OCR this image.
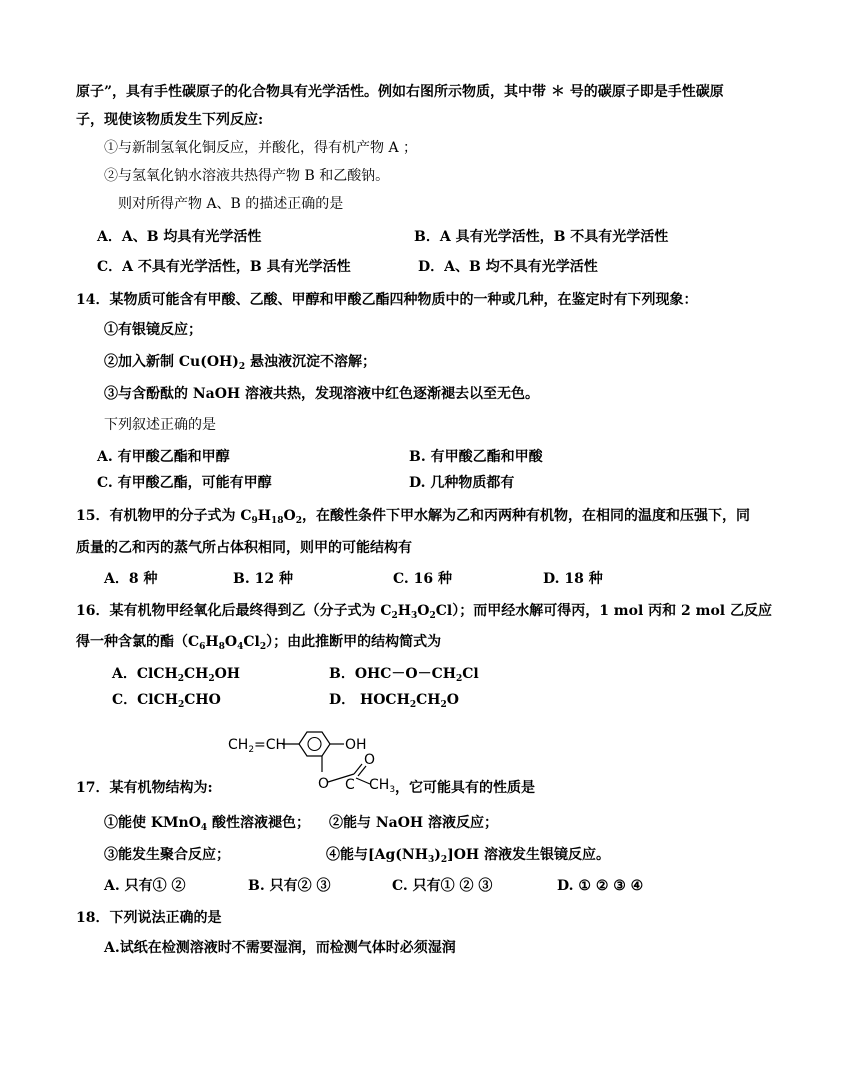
原子”，具有手性碳原子的化合物具有光学活性。例如右图所示物质，其中带 ＊ 号的碳原子即是手性碳原
子，现使该物质发生下列反应:
①与新制氢氧化铜反应，并酸化，得有机产物 A ；
②与氢氧化钠水溶液共热得产物 B 和乙酸钠。
则对所得产物 A、B 的描述正确的是
A．A、B 均具有光学活性	B．A 具有光学活性，B 不具有光学活性
C．A 不具有光学活性，B 具有光学活性	D．A、B 均不具有光学活性
14．某物质可能含有甲酸、乙酸、甲醇和甲酸乙酯四种物质中的一种或几种，在鉴定时有下列现象：
①有银镜反应；
②加入新制 $Cu(OH)_2$ 悬浊液沉淀不溶解；
③与含酚酞的 NaOH 溶液共热，发现溶液中红色逐渐褪去以至无色。
下列叙述正确的是
A. 有甲酸乙酯和甲醇	B. 有甲酸乙酯和甲酸
C. 有甲酸乙酯，可能有甲醇	D. 几种物质都有
15．有机物甲的分子式为 $C_9H_{18}O_2$，在酸性条件下甲水解为乙和丙两种有机物，在相同的温度和压强下，同
质量的乙和丙的蒸气所占体积相同，则甲的可能结构有
A．8 种	B. 12 种	C. 16 种	D. 18 种
16．某有机物甲经氧化后最终得到乙（分子式为 $C_2H_3O_2Cl$）；而甲经水解可得丙，1 mol 丙和 2 mol 乙反应
得一种含氯的酯$(C_6H_8O_4Cl_2)$；由此推断甲的结构简式为
A．$ClCH_2CH_2OH$	B．$OHC-O-CH_2Cl$
C．ClCH$_2$CHO	D． $HOCH_2CH_2O$
$CH_2=CH$	OH
O
O
C $CH_3$
17．某有机物结构为:	，它可能具有的性质是
①能使 KMnO$_4$ 酸性溶液褪色； ②能与 NaOH 溶液反应；
③能发生聚合反应；	④能与$[Ag(NH_3)_2]OH$ 溶液发生银镜反应。
A. 只有① ②	B. 只有② ③	C. 只有① ② ③	D. ① ② ③ ④
18．下列说法正确的是
A.试纸在检测溶液时不需要湿润，而检测气体时必须湿润
